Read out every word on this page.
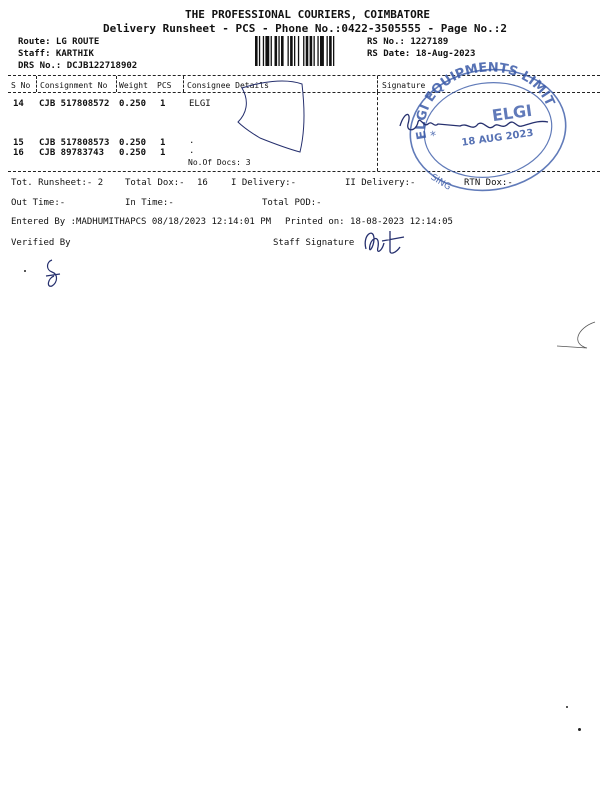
THE PROFESSIONAL COURIERS, COIMBATORE
Delivery Runsheet - PCS - Phone No.:0422-3505555 - Page No.:2
Route: LG ROUTE
Staff: KARTHIK
DRS No.: DCJB122718902
RS No.: 1227189
RS Date: 18-Aug-2023
S No Consignment No Weight PCS Consignee Details	Signature
14 CJB 517808572 0.250 1	ELGI
15 CJB 517808573 0.250 1	.
16 CJB 89783743 0.250 1	.
No.Of Docs: 3
ELGI EQUIPMENTS LIMITED
ELGI
18 AUG 2023
SING
*
Tot. Runsheet:- 2 Total Dox:- 16	I Delivery:-	II Delivery:-	RTN Dox:-
Out Time:-	In Time:-	Total POD:-
Entered By :MADHUMITHAPCS 08/18/2023 12:14:01 PM Printed on: 18-08-2023 12:14:05
Verified By	Staff Signature
